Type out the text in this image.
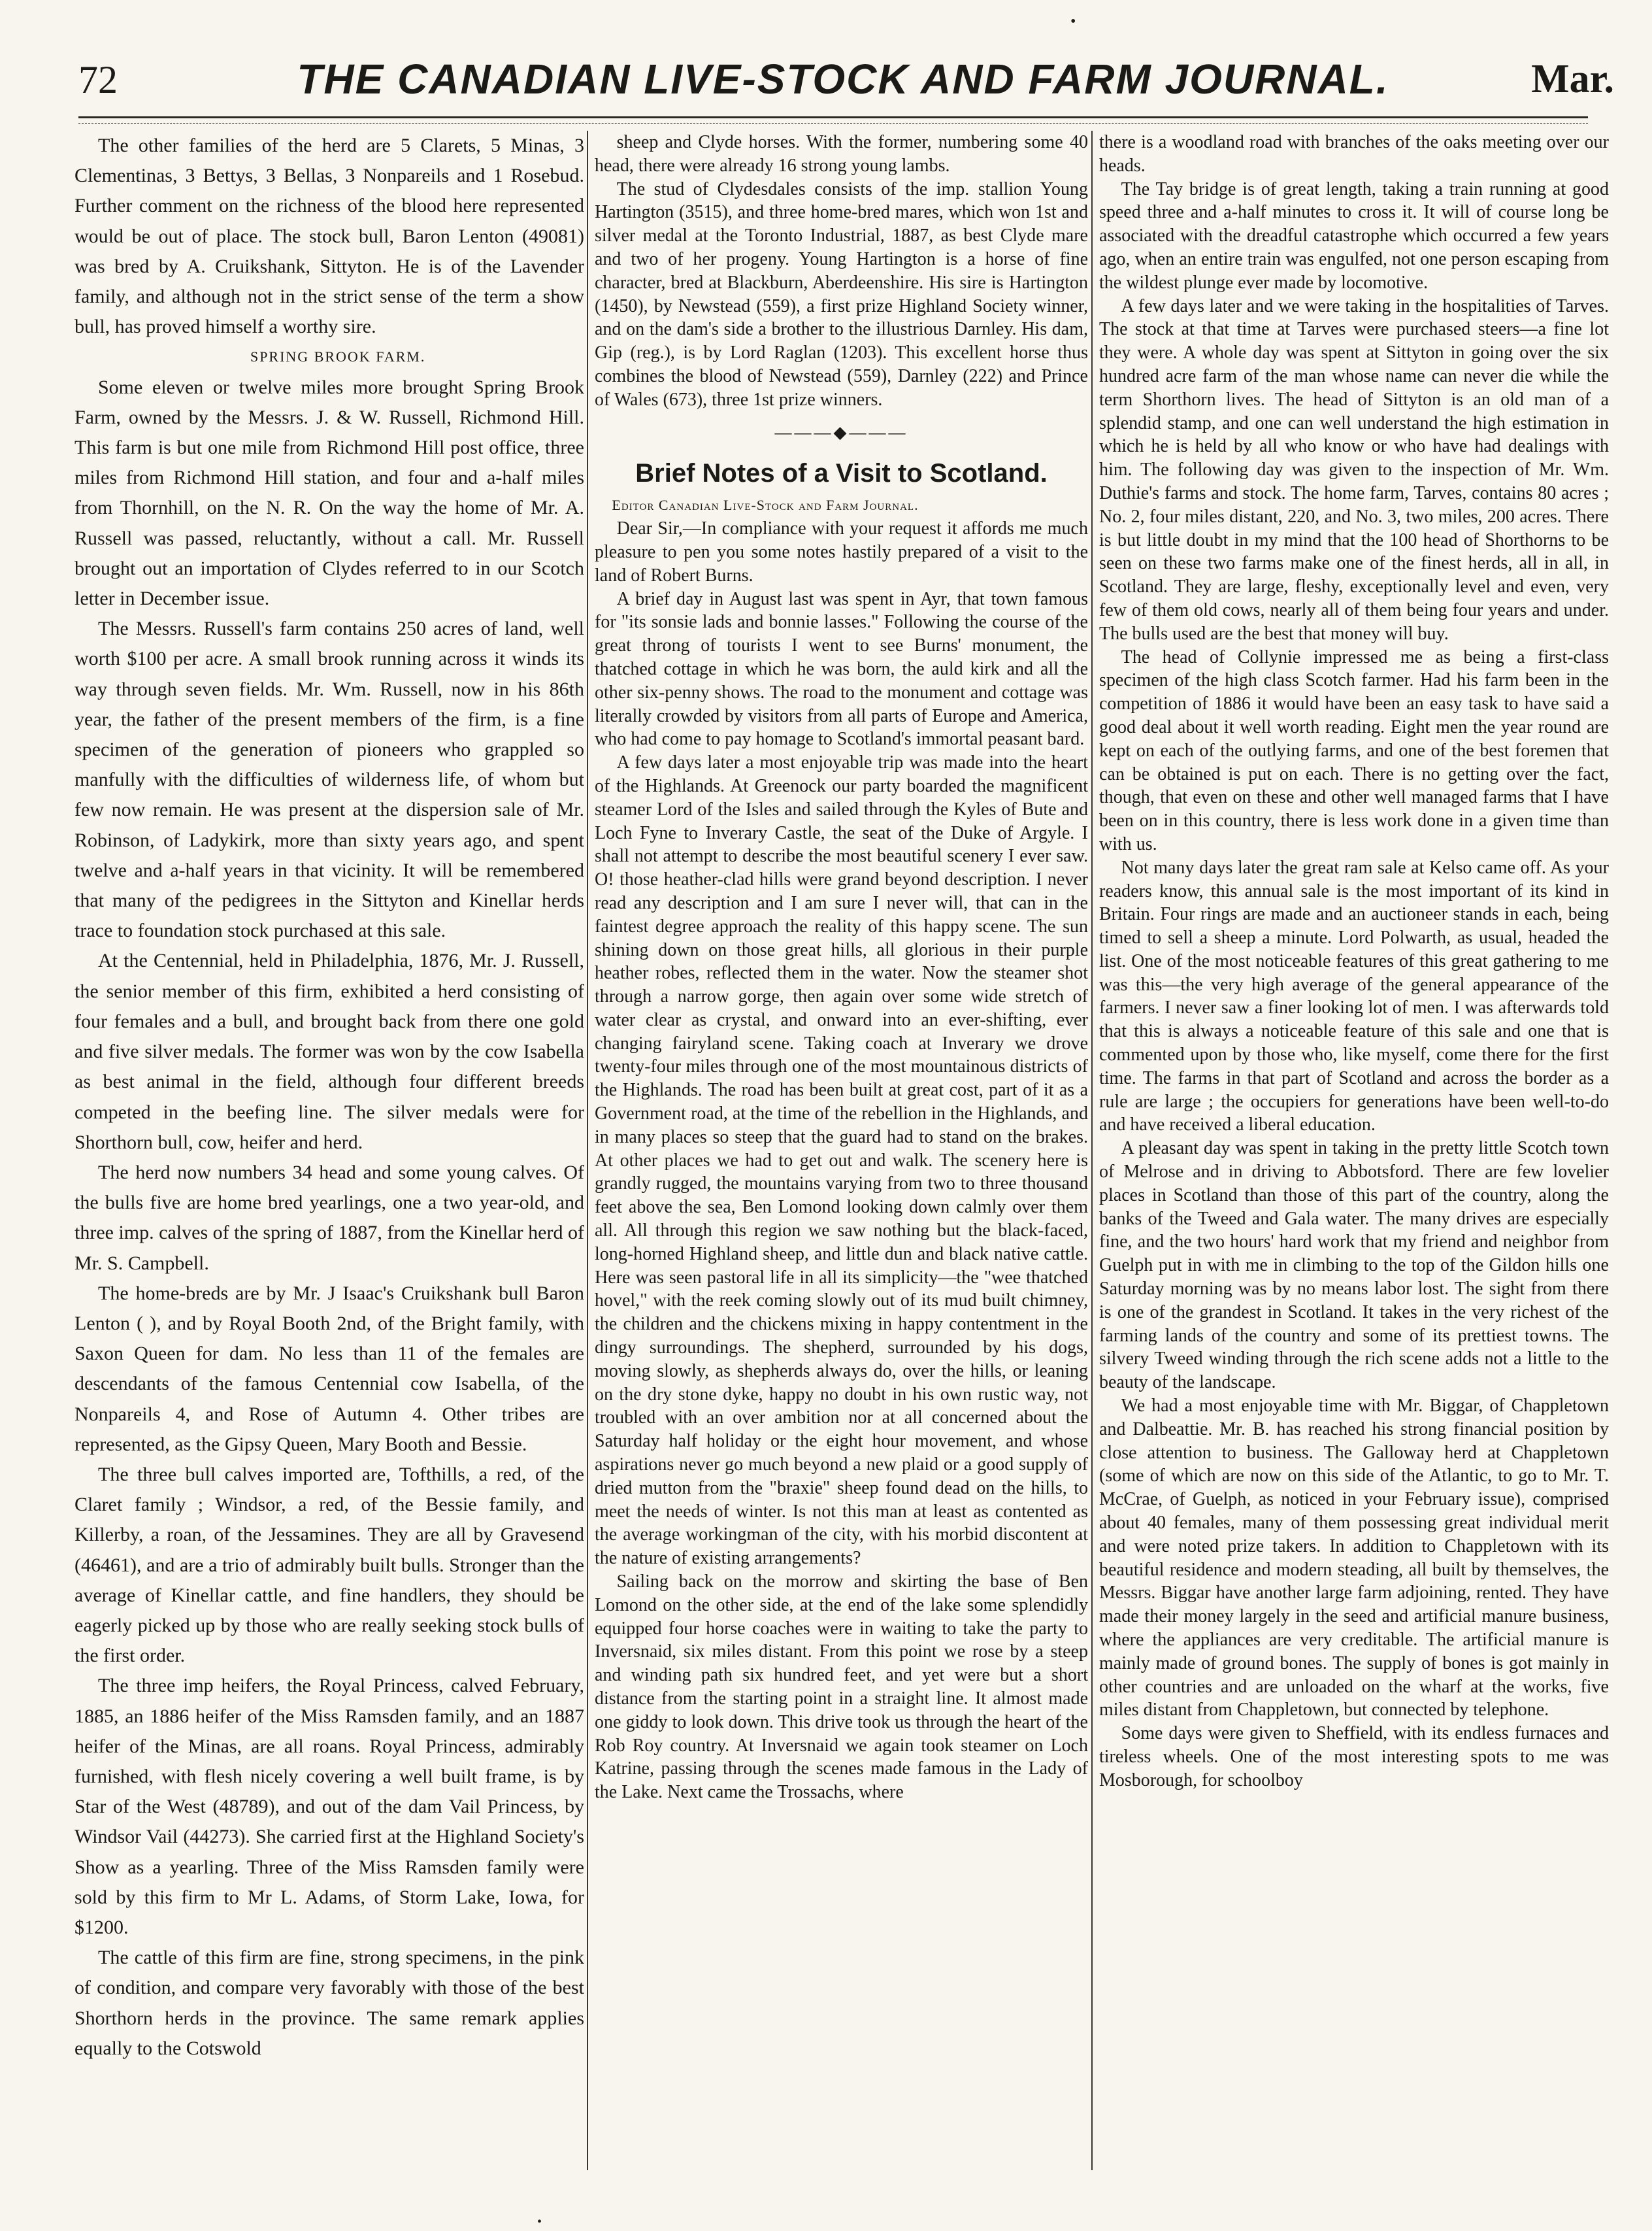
•
72	THE CANADIAN LIVE-STOCK AND FARM JOURNAL.	Mar.

The other families of the herd are 5 Clarets, 5 Minas, 3 Clementinas, 3 Bettys, 3 Bellas, 3 Nonpareils and 1 Rosebud. Further comment on the richness of the blood here represented would be out of place. The stock bull, Baron Lenton (49081) was bred by A. Cruikshank, Sittyton. He is of the Lavender family, and although not in the strict sense of the term a show bull, has proved himself a worthy sire.

SPRING BROOK FARM.

Some eleven or twelve miles more brought Spring Brook Farm, owned by the Messrs. J. & W. Russell, Richmond Hill. This farm is but one mile from Richmond Hill post office, three miles from Richmond Hill station, and four and a-half miles from Thornhill, on the N. R. On the way the home of Mr. A. Russell was passed, reluctantly, without a call. Mr. Russell brought out an importation of Clydes referred to in our Scotch letter in December issue.

The Messrs. Russell's farm contains 250 acres of land, well worth $100 per acre. A small brook running across it winds its way through seven fields. Mr. Wm. Russell, now in his 86th year, the father of the present members of the firm, is a fine specimen of the generation of pioneers who grappled so manfully with the difficulties of wilderness life, of whom but few now remain. He was present at the dispersion sale of Mr. Robinson, of Ladykirk, more than sixty years ago, and spent twelve and a-half years in that vicinity. It will be remembered that many of the pedigrees in the Sittyton and Kinellar herds trace to foundation stock purchased at this sale.

At the Centennial, held in Philadelphia, 1876, Mr. J. Russell, the senior member of this firm, exhibited a herd consisting of four females and a bull, and brought back from there one gold and five silver medals. The former was won by the cow Isabella as best animal in the field, although four different breeds competed in the beefing line. The silver medals were for Shorthorn bull, cow, heifer and herd.

The herd now numbers 34 head and some young calves. Of the bulls five are home bred yearlings, one a two year-old, and three imp. calves of the spring of 1887, from the Kinellar herd of Mr. S. Campbell.

The home-breds are by Mr. J Isaac's Cruikshank bull Baron Lenton ( ), and by Royal Booth 2nd, of the Bright family, with Saxon Queen for dam. No less than 11 of the females are descendants of the famous Centennial cow Isabella, of the Nonpareils 4, and Rose of Autumn 4. Other tribes are represented, as the Gipsy Queen, Mary Booth and Bessie.

The three bull calves imported are, Tofthills, a red, of the Claret family ; Windsor, a red, of the Bessie family, and Killerby, a roan, of the Jessamines. They are all by Gravesend (46461), and are a trio of admirably built bulls. Stronger than the average of Kinellar cattle, and fine handlers, they should be eagerly picked up by those who are really seeking stock bulls of the first order.

The three imp heifers, the Royal Princess, calved February, 1885, an 1886 heifer of the Miss Ramsden family, and an 1887 heifer of the Minas, are all roans. Royal Princess, admirably furnished, with flesh nicely covering a well built frame, is by Star of the West (48789), and out of the dam Vail Princess, by Windsor Vail (44273). She carried first at the Highland Society's Show as a yearling. Three of the Miss Ramsden family were sold by this firm to Mr L. Adams, of Storm Lake, Iowa, for $1200.

The cattle of this firm are fine, strong specimens, in the pink of condition, and compare very favorably with those of the best Shorthorn herds in the province. The same remark applies equally to the Cotswold

sheep and Clyde horses. With the former, numbering some 40 head, there were already 16 strong young lambs.

The stud of Clydesdales consists of the imp. stallion Young Hartington (3515), and three home-bred mares, which won 1st and silver medal at the Toronto Industrial, 1887, as best Clyde mare and two of her progeny. Young Hartington is a horse of fine character, bred at Blackburn, Aberdeenshire. His sire is Hartington (1450), by Newstead (559), a first prize Highland Society winner, and on the dam's side a brother to the illustrious Darnley. His dam, Gip (reg.), is by Lord Raglan (1203). This excellent horse thus combines the blood of Newstead (559), Darnley (222) and Prince of Wales (673), three 1st prize winners.

———◆———
Brief Notes of a Visit to Scotland.

Editor Canadian Live-Stock and Farm Journal.

Dear Sir,—In compliance with your request it affords me much pleasure to pen you some notes hastily prepared of a visit to the land of Robert Burns.

A brief day in August last was spent in Ayr, that town famous for "its sonsie lads and bonnie lasses." Following the course of the great throng of tourists I went to see Burns' monument, the thatched cottage in which he was born, the auld kirk and all the other six-penny shows. The road to the monument and cottage was literally crowded by visitors from all parts of Europe and America, who had come to pay homage to Scotland's immortal peasant bard.

A few days later a most enjoyable trip was made into the heart of the Highlands. At Greenock our party boarded the magnificent steamer Lord of the Isles and sailed through the Kyles of Bute and Loch Fyne to Inverary Castle, the seat of the Duke of Argyle. I shall not attempt to describe the most beautiful scenery I ever saw. O! those heather-clad hills were grand beyond description. I never read any description and I am sure I never will, that can in the faintest degree approach the reality of this happy scene. The sun shining down on those great hills, all glorious in their purple heather robes, reflected them in the water. Now the steamer shot through a narrow gorge, then again over some wide stretch of water clear as crystal, and onward into an ever-shifting, ever changing fairyland scene. Taking coach at Inverary we drove twenty-four miles through one of the most mountainous districts of the Highlands. The road has been built at great cost, part of it as a Government road, at the time of the rebellion in the Highlands, and in many places so steep that the guard had to stand on the brakes. At other places we had to get out and walk. The scenery here is grandly rugged, the mountains varying from two to three thousand feet above the sea, Ben Lomond looking down calmly over them all. All through this region we saw nothing but the black-faced, long-horned Highland sheep, and little dun and black native cattle. Here was seen pastoral life in all its simplicity—the "wee thatched hovel," with the reek coming slowly out of its mud built chimney, the children and the chickens mixing in happy contentment in the dingy surroundings. The shepherd, surrounded by his dogs, moving slowly, as shepherds always do, over the hills, or leaning on the dry stone dyke, happy no doubt in his own rustic way, not troubled with an over ambition nor at all concerned about the Saturday half holiday or the eight hour movement, and whose aspirations never go much beyond a new plaid or a good supply of dried mutton from the "braxie" sheep found dead on the hills, to meet the needs of winter. Is not this man at least as contented as the average workingman of the city, with his morbid discontent at the nature of existing arrangements?

Sailing back on the morrow and skirting the base of Ben Lomond on the other side, at the end of the lake some splendidly equipped four horse coaches were in waiting to take the party to Inversnaid, six miles distant. From this point we rose by a steep and winding path six hundred feet, and yet were but a short distance from the starting point in a straight line. It almost made one giddy to look down. This drive took us through the heart of the Rob Roy country. At Inversnaid we again took steamer on Loch Katrine, passing through the scenes made famous in the Lady of the Lake. Next came the Trossachs, where

there is a woodland road with branches of the oaks meeting over our heads.

The Tay bridge is of great length, taking a train running at good speed three and a-half minutes to cross it. It will of course long be associated with the dreadful catastrophe which occurred a few years ago, when an entire train was engulfed, not one person escaping from the wildest plunge ever made by locomotive.

A few days later and we were taking in the hospitalities of Tarves. The stock at that time at Tarves were purchased steers—a fine lot they were. A whole day was spent at Sittyton in going over the six hundred acre farm of the man whose name can never die while the term Shorthorn lives. The head of Sittyton is an old man of a splendid stamp, and one can well understand the high estimation in which he is held by all who know or who have had dealings with him. The following day was given to the inspection of Mr. Wm. Duthie's farms and stock. The home farm, Tarves, contains 80 acres ; No. 2, four miles distant, 220, and No. 3, two miles, 200 acres. There is but little doubt in my mind that the 100 head of Shorthorns to be seen on these two farms make one of the finest herds, all in all, in Scotland. They are large, fleshy, exceptionally level and even, very few of them old cows, nearly all of them being four years and under. The bulls used are the best that money will buy.

The head of Collynie impressed me as being a first-class specimen of the high class Scotch farmer. Had his farm been in the competition of 1886 it would have been an easy task to have said a good deal about it well worth reading. Eight men the year round are kept on each of the outlying farms, and one of the best foremen that can be obtained is put on each. There is no getting over the fact, though, that even on these and other well managed farms that I have been on in this country, there is less work done in a given time than with us.

Not many days later the great ram sale at Kelso came off. As your readers know, this annual sale is the most important of its kind in Britain. Four rings are made and an auctioneer stands in each, being timed to sell a sheep a minute. Lord Polwarth, as usual, headed the list. One of the most noticeable features of this great gathering to me was this—the very high average of the general appearance of the farmers. I never saw a finer looking lot of men. I was afterwards told that this is always a noticeable feature of this sale and one that is commented upon by those who, like myself, come there for the first time. The farms in that part of Scotland and across the border as a rule are large ; the occupiers for generations have been well-to-do and have received a liberal education.

A pleasant day was spent in taking in the pretty little Scotch town of Melrose and in driving to Abbotsford. There are few lovelier places in Scotland than those of this part of the country, along the banks of the Tweed and Gala water. The many drives are especially fine, and the two hours' hard work that my friend and neighbor from Guelph put in with me in climbing to the top of the Gildon hills one Saturday morning was by no means labor lost. The sight from there is one of the grandest in Scotland. It takes in the very richest of the farming lands of the country and some of its prettiest towns. The silvery Tweed winding through the rich scene adds not a little to the beauty of the landscape.

We had a most enjoyable time with Mr. Biggar, of Chappletown and Dalbeattie. Mr. B. has reached his strong financial position by close attention to business. The Galloway herd at Chappletown (some of which are now on this side of the Atlantic, to go to Mr. T. McCrae, of Guelph, as noticed in your February issue), comprised about 40 females, many of them possessing great individual merit and were noted prize takers. In addition to Chappletown with its beautiful residence and modern steading, all built by themselves, the Messrs. Biggar have another large farm adjoining, rented. They have made their money largely in the seed and artificial manure business, where the appliances are very creditable. The artificial manure is mainly made of ground bones. The supply of bones is got mainly in other countries and are unloaded on the wharf at the works, five miles distant from Chappletown, but connected by telephone.

Some days were given to Sheffield, with its endless furnaces and tireless wheels. One of the most interesting spots to me was Mosborough, for schoolboy

•
